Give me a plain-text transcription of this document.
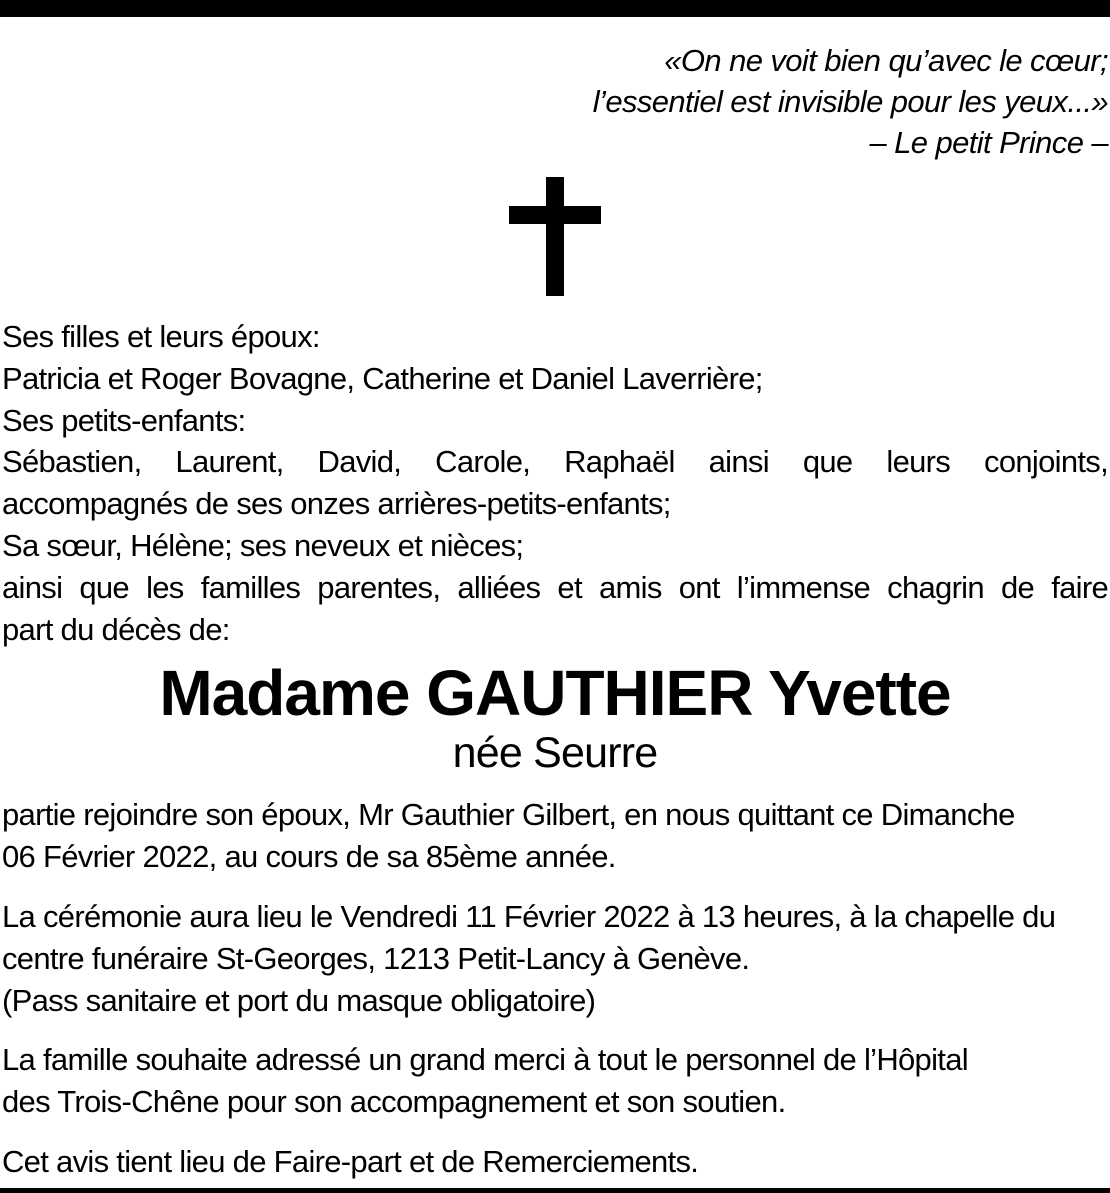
«On ne voit bien qu’avec le cœur;
l’essentiel est invisible pour les yeux...»
– Le petit Prince –
Ses filles et leurs époux:
Patricia et Roger Bovagne, Catherine et Daniel Laverrière;
Ses petits-enfants:
Sébastien, Laurent, David, Carole, Raphaël ainsi que leurs conjoints,
accompagnés de ses onzes arrières-petits-enfants;
Sa sœur, Hélène; ses neveux et nièces;
ainsi que les familles parentes, alliées et amis ont l’immense chagrin de faire
part du décès de:
Madame GAUTHIER Yvette
née Seurre
partie rejoindre son époux, Mr Gauthier Gilbert, en nous quittant ce Dimanche
06 Février 2022, au cours de sa 85ème année.
La cérémonie aura lieu le Vendredi 11 Février 2022 à 13 heures, à la chapelle du
centre funéraire St-Georges, 1213 Petit-Lancy à Genève.
(Pass sanitaire et port du masque obligatoire)
La famille souhaite adressé un grand merci à tout le personnel de l’Hôpital
des Trois-Chêne pour son accompagnement et son soutien.
Cet avis tient lieu de Faire-part et de Remerciements.
